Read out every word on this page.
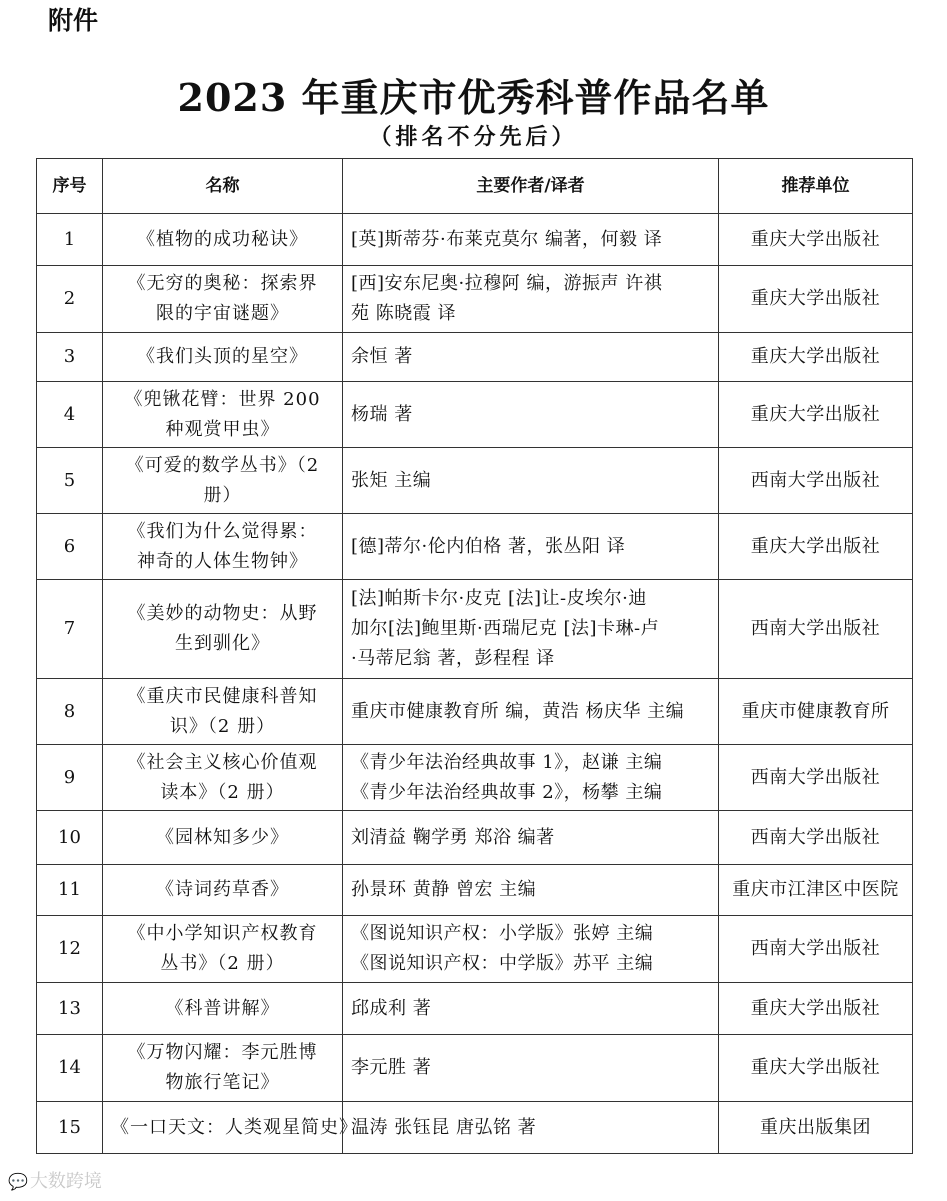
附件
2023 年重庆市优秀科普作品名单
（排名不分先后）
序号	名称	主要作者/译者	推荐单位
1	《植物的成功秘诀》	[英]斯蒂芬·布莱克莫尔 编著，何毅 译	重庆大学出版社
2	《无穷的奥秘：探索界
限的宇宙谜题》	[西]安东尼奥·拉穆阿 编，游振声 许祺
苑 陈晓霞 译	重庆大学出版社
3	《我们头顶的星空》	余恒 著	重庆大学出版社
4	《兜锹花臂：世界 200
种观赏甲虫》	杨瑞 著	重庆大学出版社
5	《可爱的数学丛书》（2
册）	张矩 主编	西南大学出版社
6	《我们为什么觉得累：
神奇的人体生物钟》	[德]蒂尔·伦内伯格 著，张丛阳 译	重庆大学出版社
7	《美妙的动物史：从野
生到驯化》	[法]帕斯卡尔·皮克 [法]让-皮埃尔·迪
加尔[法]鲍里斯·西瑞尼克 [法]卡琳-卢
·马蒂尼翁 著，彭程程 译	西南大学出版社
8	《重庆市民健康科普知
识》（2 册）	重庆市健康教育所 编，黄浩 杨庆华 主编	重庆市健康教育所
9	《社会主义核心价值观
读本》（2 册）	《青少年法治经典故事 1》，赵谦 主编
《青少年法治经典故事 2》，杨攀 主编	西南大学出版社
10	《园林知多少》	刘清益 鞠学勇 郑浴 编著	西南大学出版社
11	《诗词药草香》	孙景环 黄静 曾宏 主编	重庆市江津区中医院
12	《中小学知识产权教育
丛书》（2 册）	《图说知识产权：小学版》张婷 主编
《图说知识产权：中学版》苏平 主编	西南大学出版社
13	《科普讲解》	邱成利 著	重庆大学出版社
14	《万物闪耀：李元胜博
物旅行笔记》	李元胜 著	重庆大学出版社
15	《一口天文：人类观星简史》	温涛 张钰昆 唐弘铭 著	重庆出版集团
💬 大数跨境
